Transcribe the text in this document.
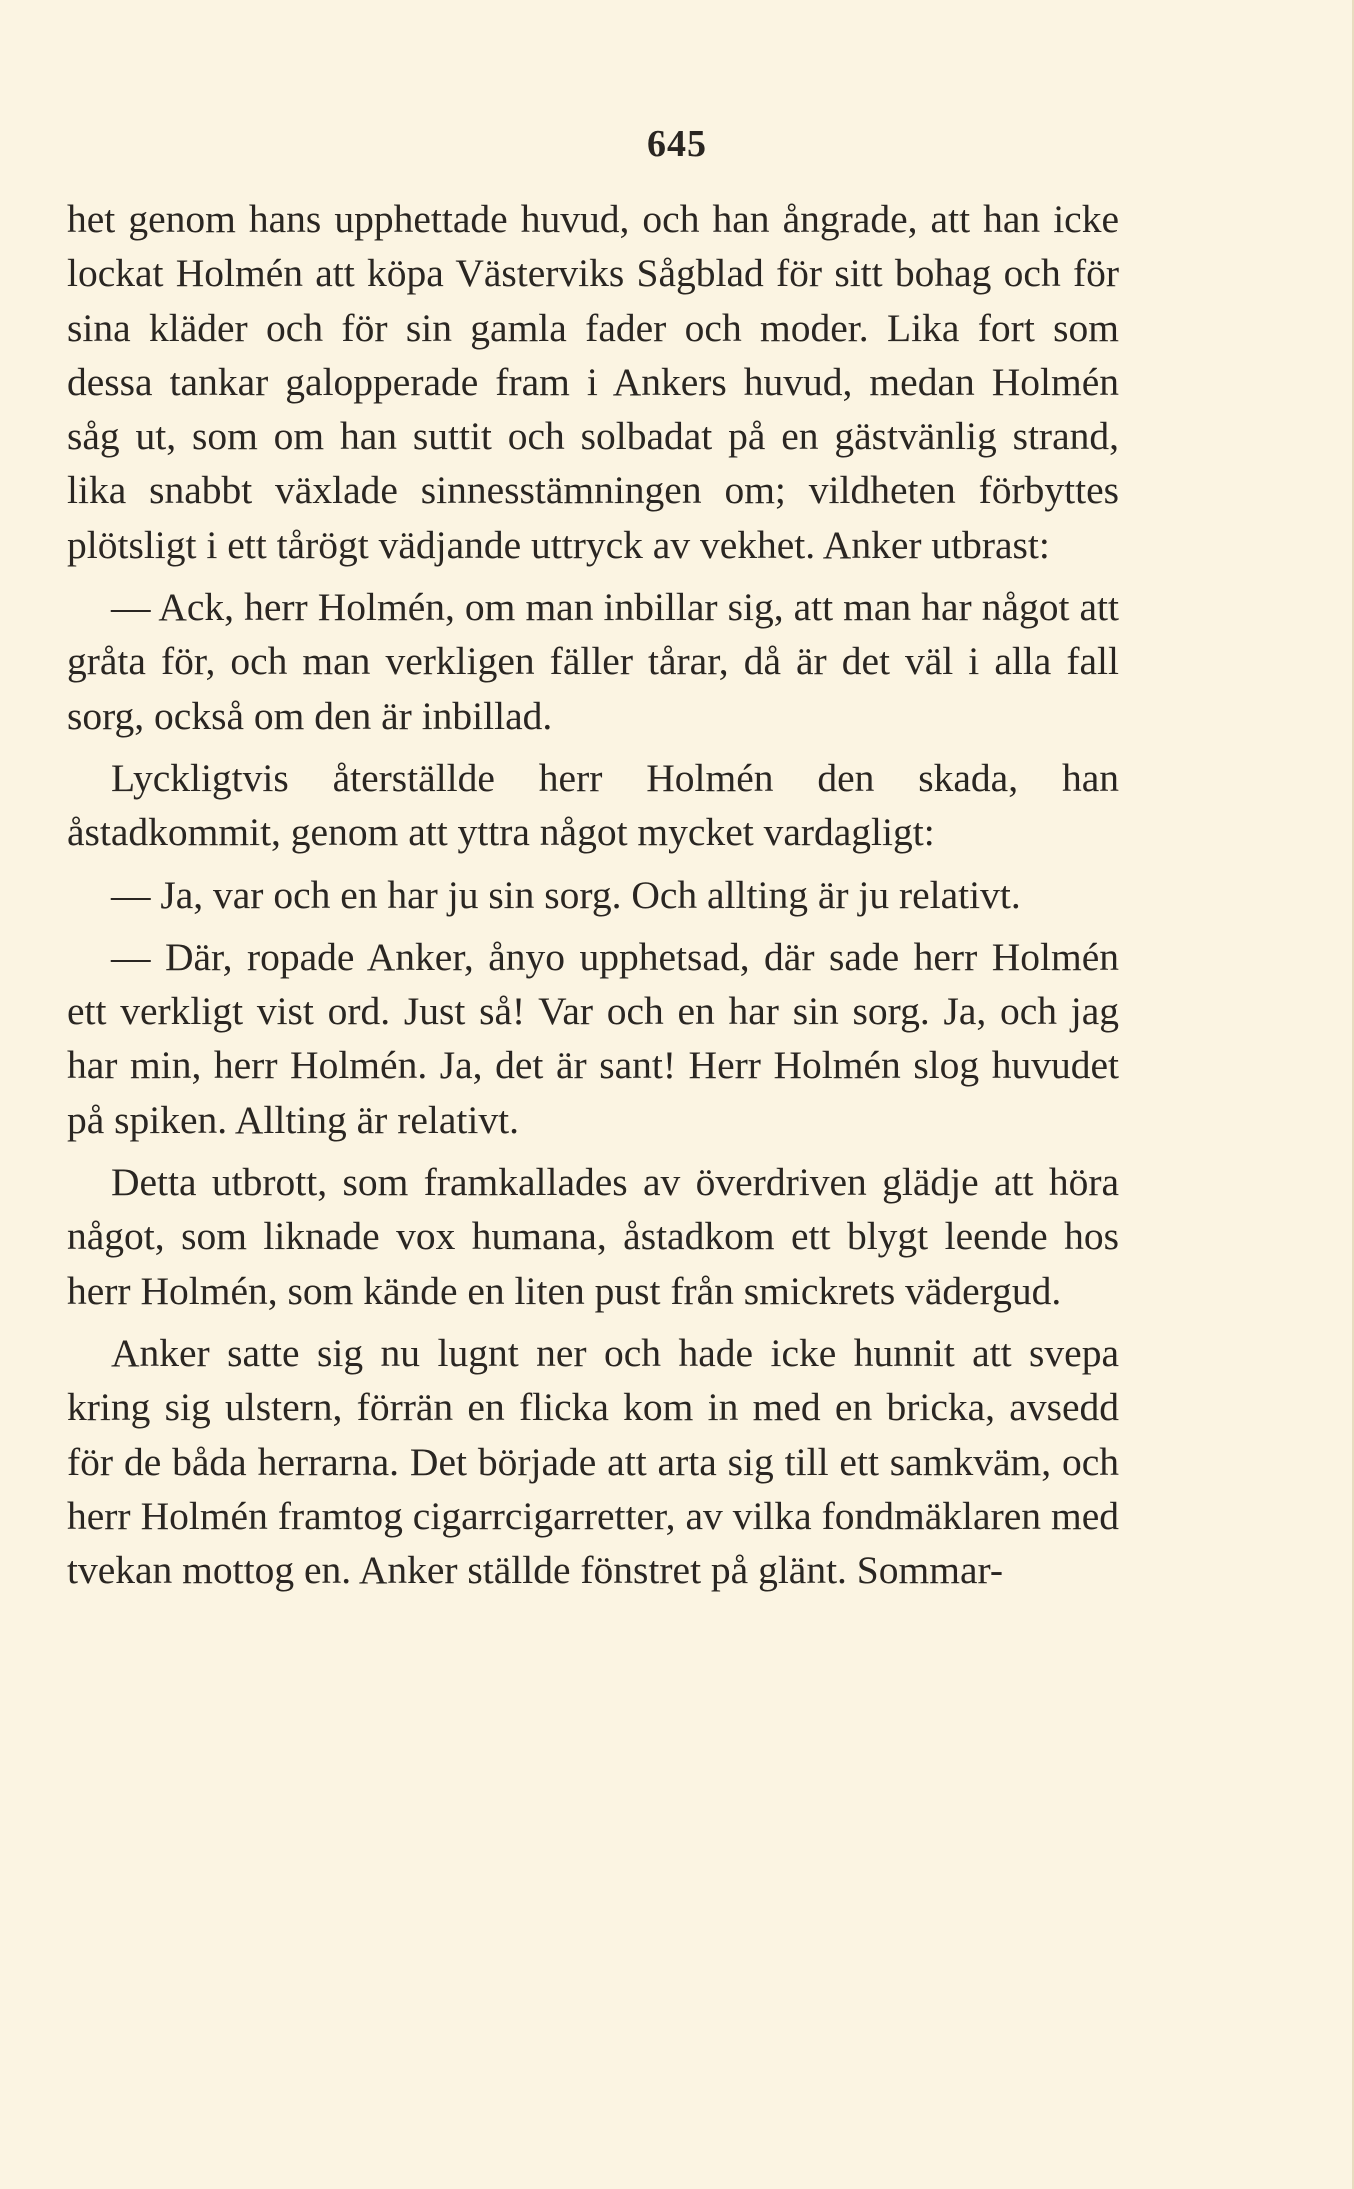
645

het genom hans upphettade huvud, och han ångrade, att han icke lockat Holmén att köpa Västerviks Sågblad för sitt bohag och för sina kläder och för sin gamla fader och moder. Lika fort som dessa tankar galopperade fram i Ankers huvud, medan Holmén såg ut, som om han suttit och solbadat på en gästvänlig strand, lika snabbt växlade sinnesstämningen om; vildheten förbyttes plötsligt i ett tårögt vädjande uttryck av vekhet. Anker utbrast:

— Ack, herr Holmén, om man inbillar sig, att man har något att gråta för, och man verkligen fäller tårar, då är det väl i alla fall sorg, också om den är inbillad.

Lyckligtvis återställde herr Holmén den skada, han åstadkommit, genom att yttra något mycket vardagligt:

— Ja, var och en har ju sin sorg. Och allting är ju relativt.

— Där, ropade Anker, ånyo upphetsad, där sade herr Holmén ett verkligt vist ord. Just så! Var och en har sin sorg. Ja, och jag har min, herr Holmén. Ja, det är sant! Herr Holmén slog huvudet på spiken. Allting är relativt.

Detta utbrott, som framkallades av överdriven glädje att höra något, som liknade vox humana, åstadkom ett blygt leende hos herr Holmén, som kände en liten pust från smickrets vädergud.

Anker satte sig nu lugnt ner och hade icke hunnit att svepa kring sig ulstern, förrän en flicka kom in med en bricka, avsedd för de båda herrarna. Det började att arta sig till ett samkväm, och herr Holmén framtog cigarrcigarretter, av vilka fondmäklaren med tvekan mottog en. Anker ställde fönstret på glänt. Sommar-
